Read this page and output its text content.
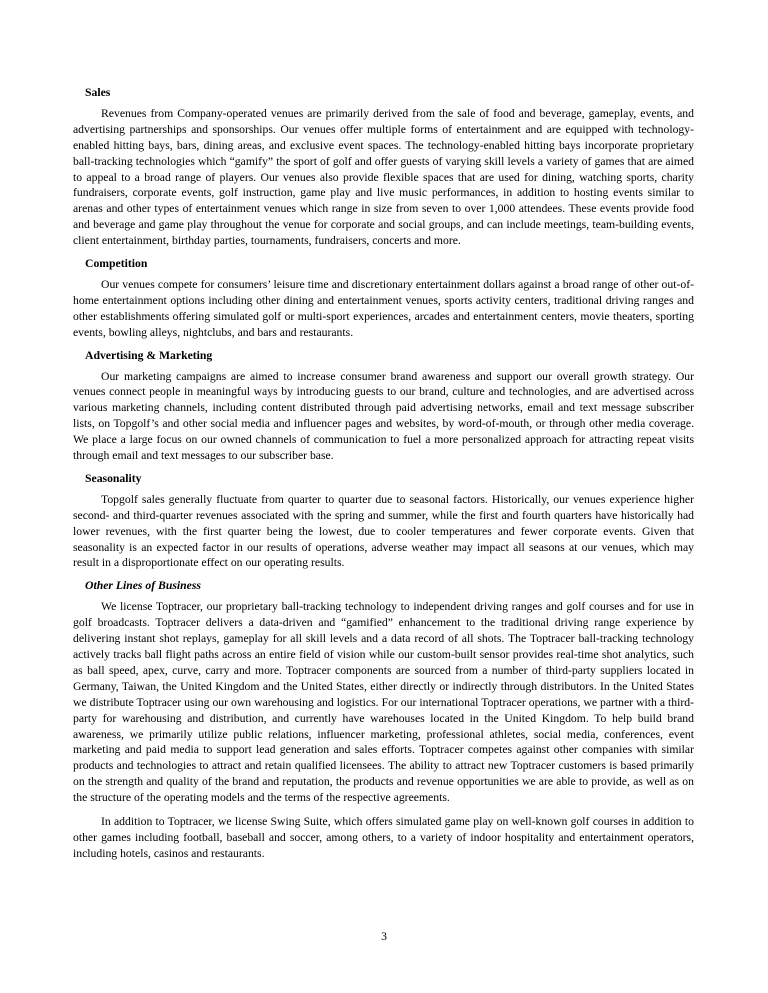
Sales

Revenues from Company-operated venues are primarily derived from the sale of food and beverage, gameplay, events, and advertising partnerships and sponsorships. Our venues offer multiple forms of entertainment and are equipped with technology-enabled hitting bays, bars, dining areas, and exclusive event spaces. The technology-enabled hitting bays incorporate proprietary ball-tracking technologies which “gamify” the sport of golf and offer guests of varying skill levels a variety of games that are aimed to appeal to a broad range of players. Our venues also provide flexible spaces that are used for dining, watching sports, charity fundraisers, corporate events, golf instruction, game play and live music performances, in addition to hosting events similar to arenas and other types of entertainment venues which range in size from seven to over 1,000 attendees. These events provide food and beverage and game play throughout the venue for corporate and social groups, and can include meetings, team-building events, client entertainment, birthday parties, tournaments, fundraisers, concerts and more.

Competition

Our venues compete for consumers’ leisure time and discretionary entertainment dollars against a broad range of other out-of-home entertainment options including other dining and entertainment venues, sports activity centers, traditional driving ranges and other establishments offering simulated golf or multi-sport experiences, arcades and entertainment centers, movie theaters, sporting events, bowling alleys, nightclubs, and bars and restaurants.

Advertising & Marketing

Our marketing campaigns are aimed to increase consumer brand awareness and support our overall growth strategy. Our venues connect people in meaningful ways by introducing guests to our brand, culture and technologies, and are advertised across various marketing channels, including content distributed through paid advertising networks, email and text message subscriber lists, on Topgolf’s and other social media and influencer pages and websites, by word-of-mouth, or through other media coverage. We place a large focus on our owned channels of communication to fuel a more personalized approach for attracting repeat visits through email and text messages to our subscriber base.

Seasonality

Topgolf sales generally fluctuate from quarter to quarter due to seasonal factors. Historically, our venues experience higher second- and third-quarter revenues associated with the spring and summer, while the first and fourth quarters have historically had lower revenues, with the first quarter being the lowest, due to cooler temperatures and fewer corporate events. Given that seasonality is an expected factor in our results of operations, adverse weather may impact all seasons at our venues, which may result in a disproportionate effect on our operating results.

Other Lines of Business

We license Toptracer, our proprietary ball-tracking technology to independent driving ranges and golf courses and for use in golf broadcasts. Toptracer delivers a data-driven and “gamified” enhancement to the traditional driving range experience by delivering instant shot replays, gameplay for all skill levels and a data record of all shots. The Toptracer ball-tracking technology actively tracks ball flight paths across an entire field of vision while our custom-built sensor provides real-time shot analytics, such as ball speed, apex, curve, carry and more. Toptracer components are sourced from a number of third-party suppliers located in Germany, Taiwan, the United Kingdom and the United States, either directly or indirectly through distributors. In the United States we distribute Toptracer using our own warehousing and logistics. For our international Toptracer operations, we partner with a third-party for warehousing and distribution, and currently have warehouses located in the United Kingdom. To help build brand awareness, we primarily utilize public relations, influencer marketing, professional athletes, social media, conferences, event marketing and paid media to support lead generation and sales efforts. Toptracer competes against other companies with similar products and technologies to attract and retain qualified licensees. The ability to attract new Toptracer customers is based primarily on the strength and quality of the brand and reputation, the products and revenue opportunities we are able to provide, as well as on the structure of the operating models and the terms of the respective agreements.

In addition to Toptracer, we license Swing Suite, which offers simulated game play on well-known golf courses in addition to other games including football, baseball and soccer, among others, to a variety of indoor hospitality and entertainment operators, including hotels, casinos and restaurants.

3
